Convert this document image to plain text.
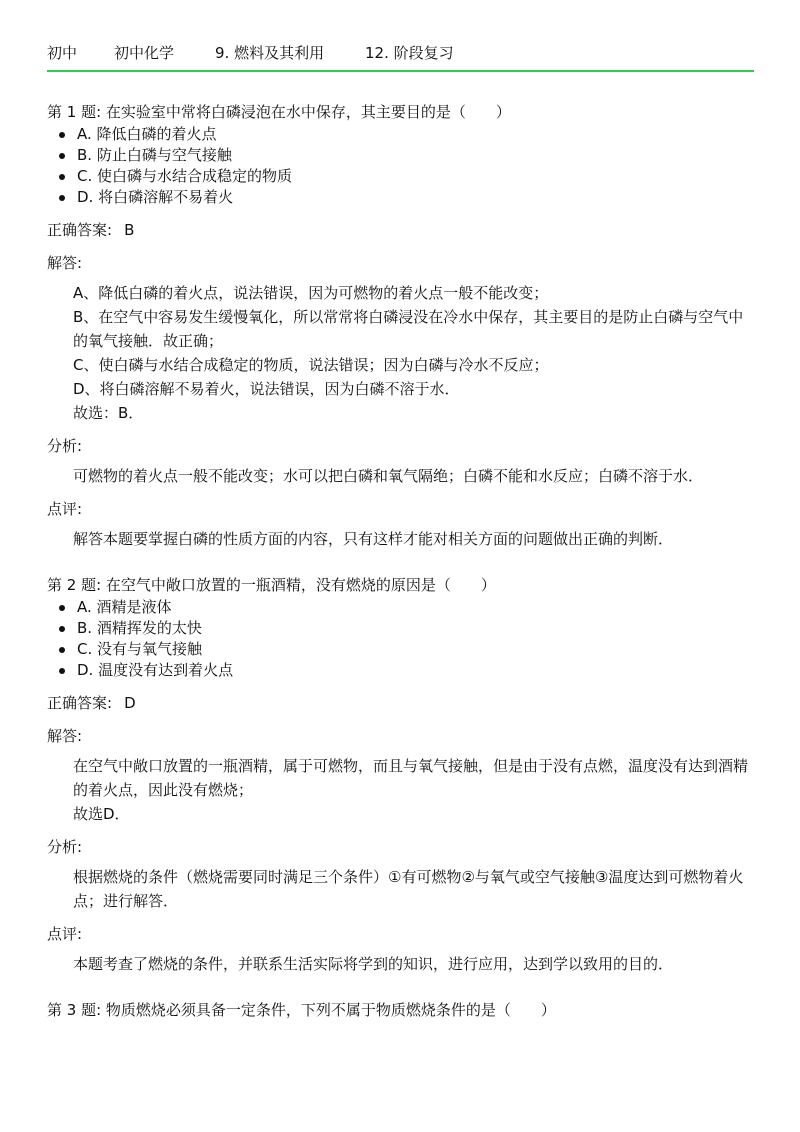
初中	初中化学	9. 燃料及其利用	12. 阶段复习

第 1 题: 在实验室中常将白磷浸泡在水中保存，其主要目的是（　　）

A. 降低白磷的着火点
B. 防止白磷与空气接触
C. 使白磷与水结合成稳定的物质
D. 将白磷溶解不易着火
正确答案: B
解答:

A、降低白磷的着火点，说法错误，因为可燃物的着火点一般不能改变；

B、在空气中容易发生缓慢氧化，所以常常将白磷浸没在冷水中保存，其主要目的是防止白磷与空气中的氧气接触．故正确；

C、使白磷与水结合成稳定的物质，说法错误；因为白磷与冷水不反应；

D、将白磷溶解不易着火，说法错误，因为白磷不溶于水．

故选：B．

分析:

可燃物的着火点一般不能改变；水可以把白磷和氧气隔绝；白磷不能和水反应；白磷不溶于水．

点评:

解答本题要掌握白磷的性质方面的内容，只有这样才能对相关方面的问题做出正确的判断．

第 2 题: 在空气中敞口放置的一瓶酒精，没有燃烧的原因是（　　）

A. 酒精是液体
B. 酒精挥发的太快
C. 没有与氧气接触
D. 温度没有达到着火点
正确答案: D
解答:

在空气中敞口放置的一瓶酒精，属于可燃物，而且与氧气接触，但是由于没有点燃，温度没有达到酒精的着火点，因此没有燃烧；

故选D．

分析:

根据燃烧的条件（燃烧需要同时满足三个条件）①有可燃物②与氧气或空气接触③温度达到可燃物着火点；进行解答．

点评:

本题考查了燃烧的条件，并联系生活实际将学到的知识，进行应用，达到学以致用的目的．

第 3 题: 物质燃烧必须具备一定条件，下列不属于物质燃烧条件的是（　　）
